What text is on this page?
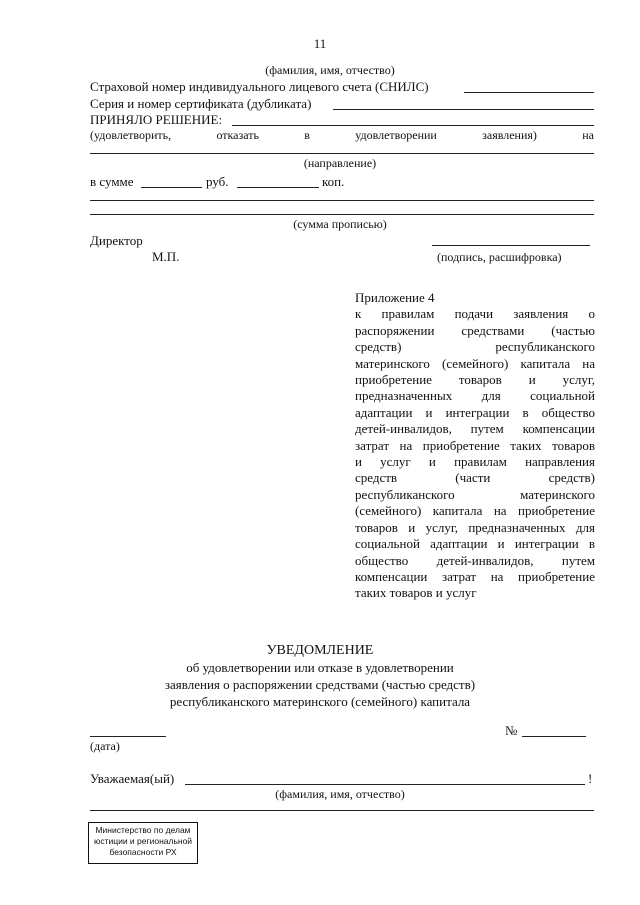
11
(фамилия, имя, отчество)
Страховой номер индивидуального лицевого счета (СНИЛС)
Серия и номер сертификата (дубликата)
ПРИНЯЛО РЕШЕНИЕ:
(удовлетворить,	отказать	в	удовлетворении	заявления)	на
(направление)
в сумме	руб.	коп.
(сумма прописью)
Директор
М.П.	(подпись, расшифровка)
Приложение 4
к правилам подачи заявления о
распоряжении средствами (частью
средств) республиканского
материнского (семейного) капитала на
приобретение товаров и услуг,
предназначенных для социальной
адаптации и интеграции в общество
детей-инвалидов, путем компенсации
затрат на приобретение таких товаров
и услуг и правилам направления
средств (части средств)
республиканского материнского
(семейного) капитала на приобретение
товаров и услуг, предназначенных для
социальной адаптации и интеграции в
общество детей-инвалидов, путем
компенсации затрат на приобретение
таких товаров и услуг
УВЕДОМЛЕНИЕ
об удовлетворении или отказе в удовлетворении
заявления о распоряжении средствами (частью средств)
республиканского материнского (семейного) капитала
№
(дата)
Уважаемая(ый)	!
(фамилия, имя, отчество)
Министерство по делам
юстиции и региональной
безопасности РХ
